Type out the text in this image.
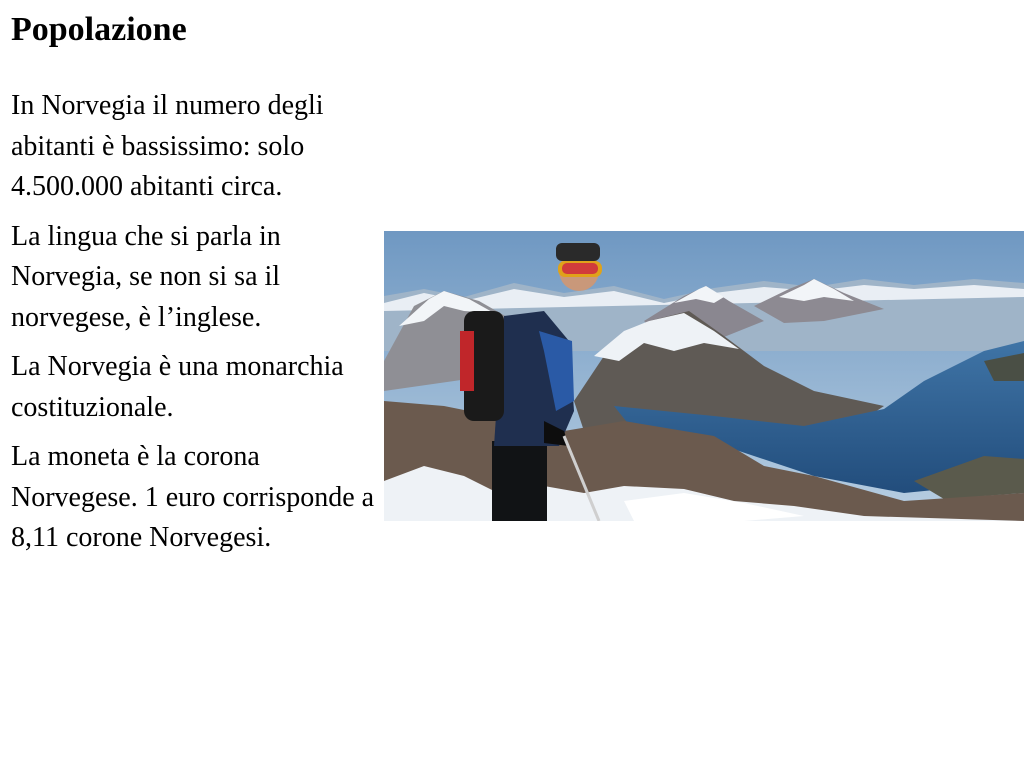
Popolazione

In Norvegia il numero degli abitanti è bassissimo: solo 4.500.000 abitanti circa.

La lingua che si parla in Norvegia, se non si sa il norvegese, è l’inglese.

La Norvegia è una monarchia costituzionale.

La moneta è la corona Norvegese. 1 euro corrisponde a 8,11 corone Norvegesi.
